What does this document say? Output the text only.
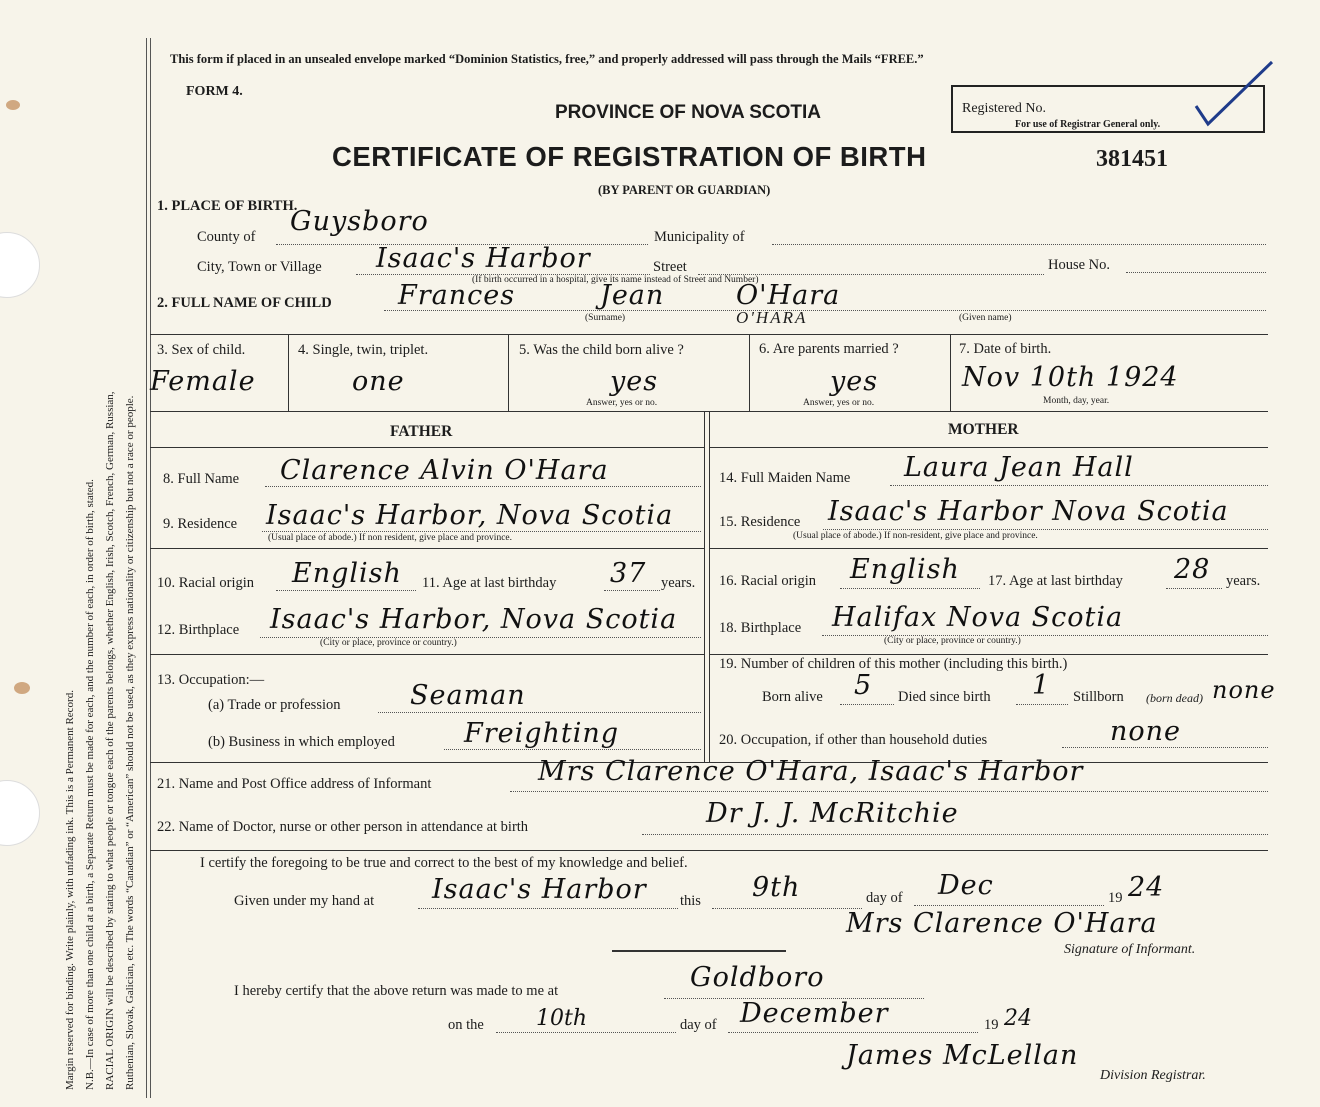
Margin reserved for binding. Write plainly, with unfading ink. This is a Permanent Record. N.B.—In case of more than one child at a birth, a Separate Return must be made for each, and the number of each, in order of birth, stated. RACIAL ORIGIN will be described by stating to what people or tongue each of the parents belongs, whether English, Irish, Scotch, French, German, Russian, Ruthenian, Slovak, Galician, etc. The words “Canadian” or “American” should not be used, as they express nationality or citizenship but not a race or people.
This form if placed in an unsealed envelope marked “Dominion Statistics, free,” and properly addressed will pass through the Mails “FREE.”
FORM 4.
PROVINCE OF NOVA SCOTIA
CERTIFICATE OF REGISTRATION OF BIRTH	381451
(BY PARENT OR GUARDIAN)
Registered No.
For use of Registrar General only.
1. PLACE OF BIRTH.
County of Guysboro	Municipality of
City, Town or Village Isaac's Harbor	Street	House No.
(If birth occurred in a hospital, give its name instead of Street and Number)
2. FULL NAME OF CHILD Frances	Jean	O'Hara
(Surname)	O'HARA	(Given name)
3. Sex of child.
Female
4. Single, twin, triplet.
one
5. Was the child born alive ?
yes
Answer, yes or no.
6. Are parents married ?
yes
Answer, yes or no.
7. Date of birth.
Nov 10th 1924
Month, day, year.
FATHER	MOTHER
8. Full Name Clarence Alvin O'Hara
9. Residence Isaac's Harbor, Nova Scotia
(Usual place of abode.) If non resident, give place and province.
10. Racial origin English 11. Age at last birthday 37 years.
12. Birthplace Isaac's Harbor, Nova Scotia
(City or place, province or country.)
13. Occupation:—
(a) Trade or profession	Seaman
(b) Business in which employed	Freighting
14. Full Maiden Name Laura Jean Hall
15. Residence Isaac's Harbor Nova Scotia
(Usual place of abode.) If non-resident, give place and province.
16. Racial origin English 17. Age at last birthday 28 years.
18. Birthplace Halifax Nova Scotia
(City or place, province or country.)
19. Number of children of this mother (including this birth.)
Born alive 5 Died since birth 1 Stillborn (born dead) none
20. Occupation, if other than household duties	none
21. Name and Post Office address of Informant	Mrs Clarence O'Hara, Isaac's Harbor
22. Name of Doctor, nurse or other person in attendance at birth	Dr J. J. McRitchie
I certify the foregoing to be true and correct to the best of my knowledge and belief.
Given under my hand at Isaac's Harbor this 9th	day of Dec	19 24
Mrs Clarence O'Hara
Signature of Informant.
I hereby certify that the above return was made to me at	Goldboro
on the 10th	day of December	19 24
James McLellan
Division Registrar.
